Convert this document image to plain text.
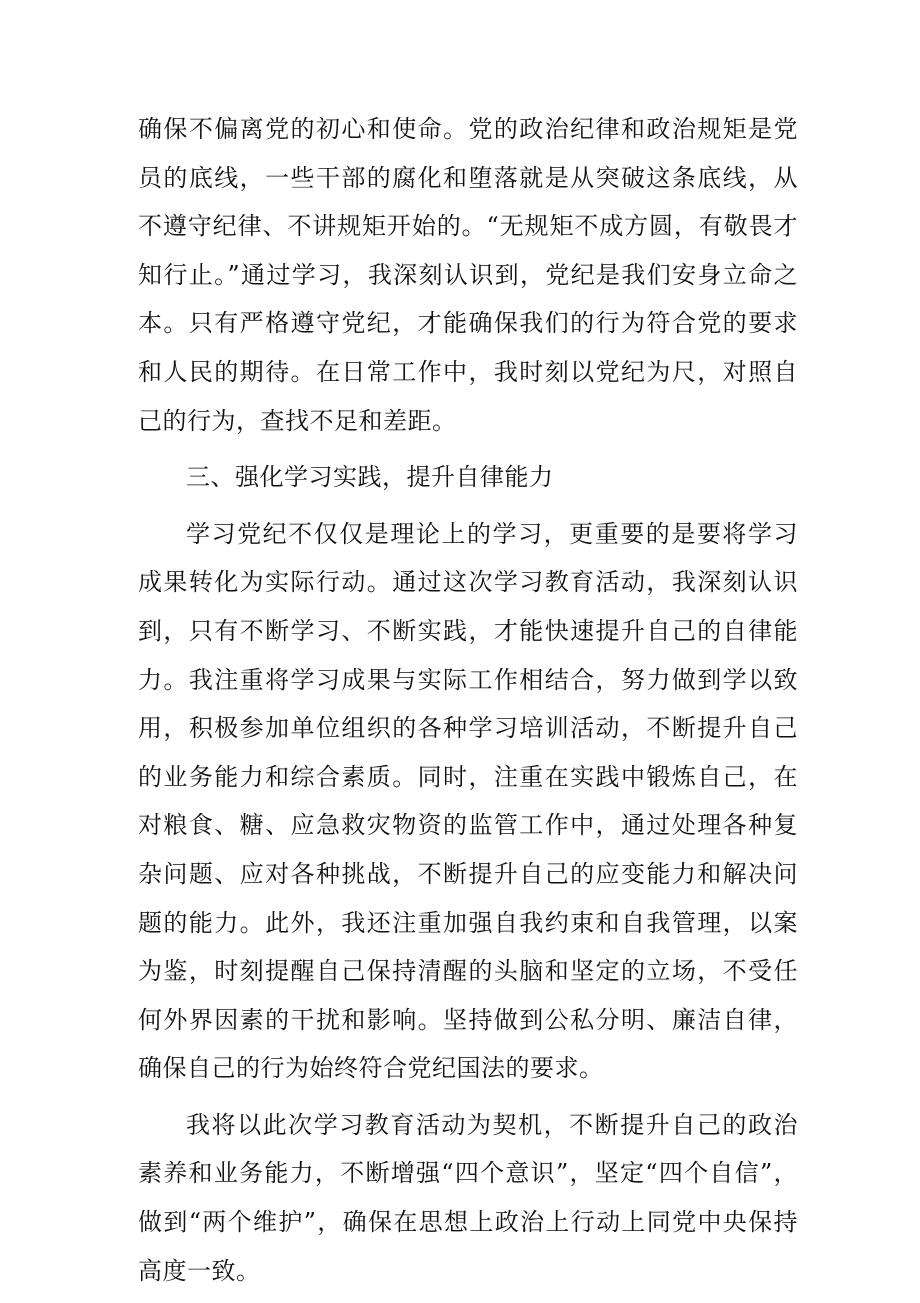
确保不偏离党的初心和使命。党的政治纪律和政治规矩是党员的底线，一些干部的腐化和堕落就是从突破这条底线，从不遵守纪律、不讲规矩开始的。“无规矩不成方圆，有敬畏才知行止。”通过学习，我深刻认识到，党纪是我们安身立命之本。只有严格遵守党纪，才能确保我们的行为符合党的要求和人民的期待。在日常工作中，我时刻以党纪为尺，对照自己的行为，查找不足和差距。

三、强化学习实践，提升自律能力

学习党纪不仅仅是理论上的学习，更重要的是要将学习成果转化为实际行动。通过这次学习教育活动，我深刻认识到，只有不断学习、不断实践，才能快速提升自己的自律能力。我注重将学习成果与实际工作相结合，努力做到学以致用，积极参加单位组织的各种学习培训活动，不断提升自己的业务能力和综合素质。同时，注重在实践中锻炼自己，在对粮食、糖、应急救灾物资的监管工作中，通过处理各种复杂问题、应对各种挑战，不断提升自己的应变能力和解决问题的能力。此外，我还注重加强自我约束和自我管理，以案为鉴，时刻提醒自己保持清醒的头脑和坚定的立场，不受任何外界因素的干扰和影响。坚持做到公私分明、廉洁自律，确保自己的行为始终符合党纪国法的要求。

我将以此次学习教育活动为契机，不断提升自己的政治素养和业务能力，不断增强“四个意识”，坚定“四个自信”，做到“两个维护”，确保在思想上政治上行动上同党中央保持高度一致。
